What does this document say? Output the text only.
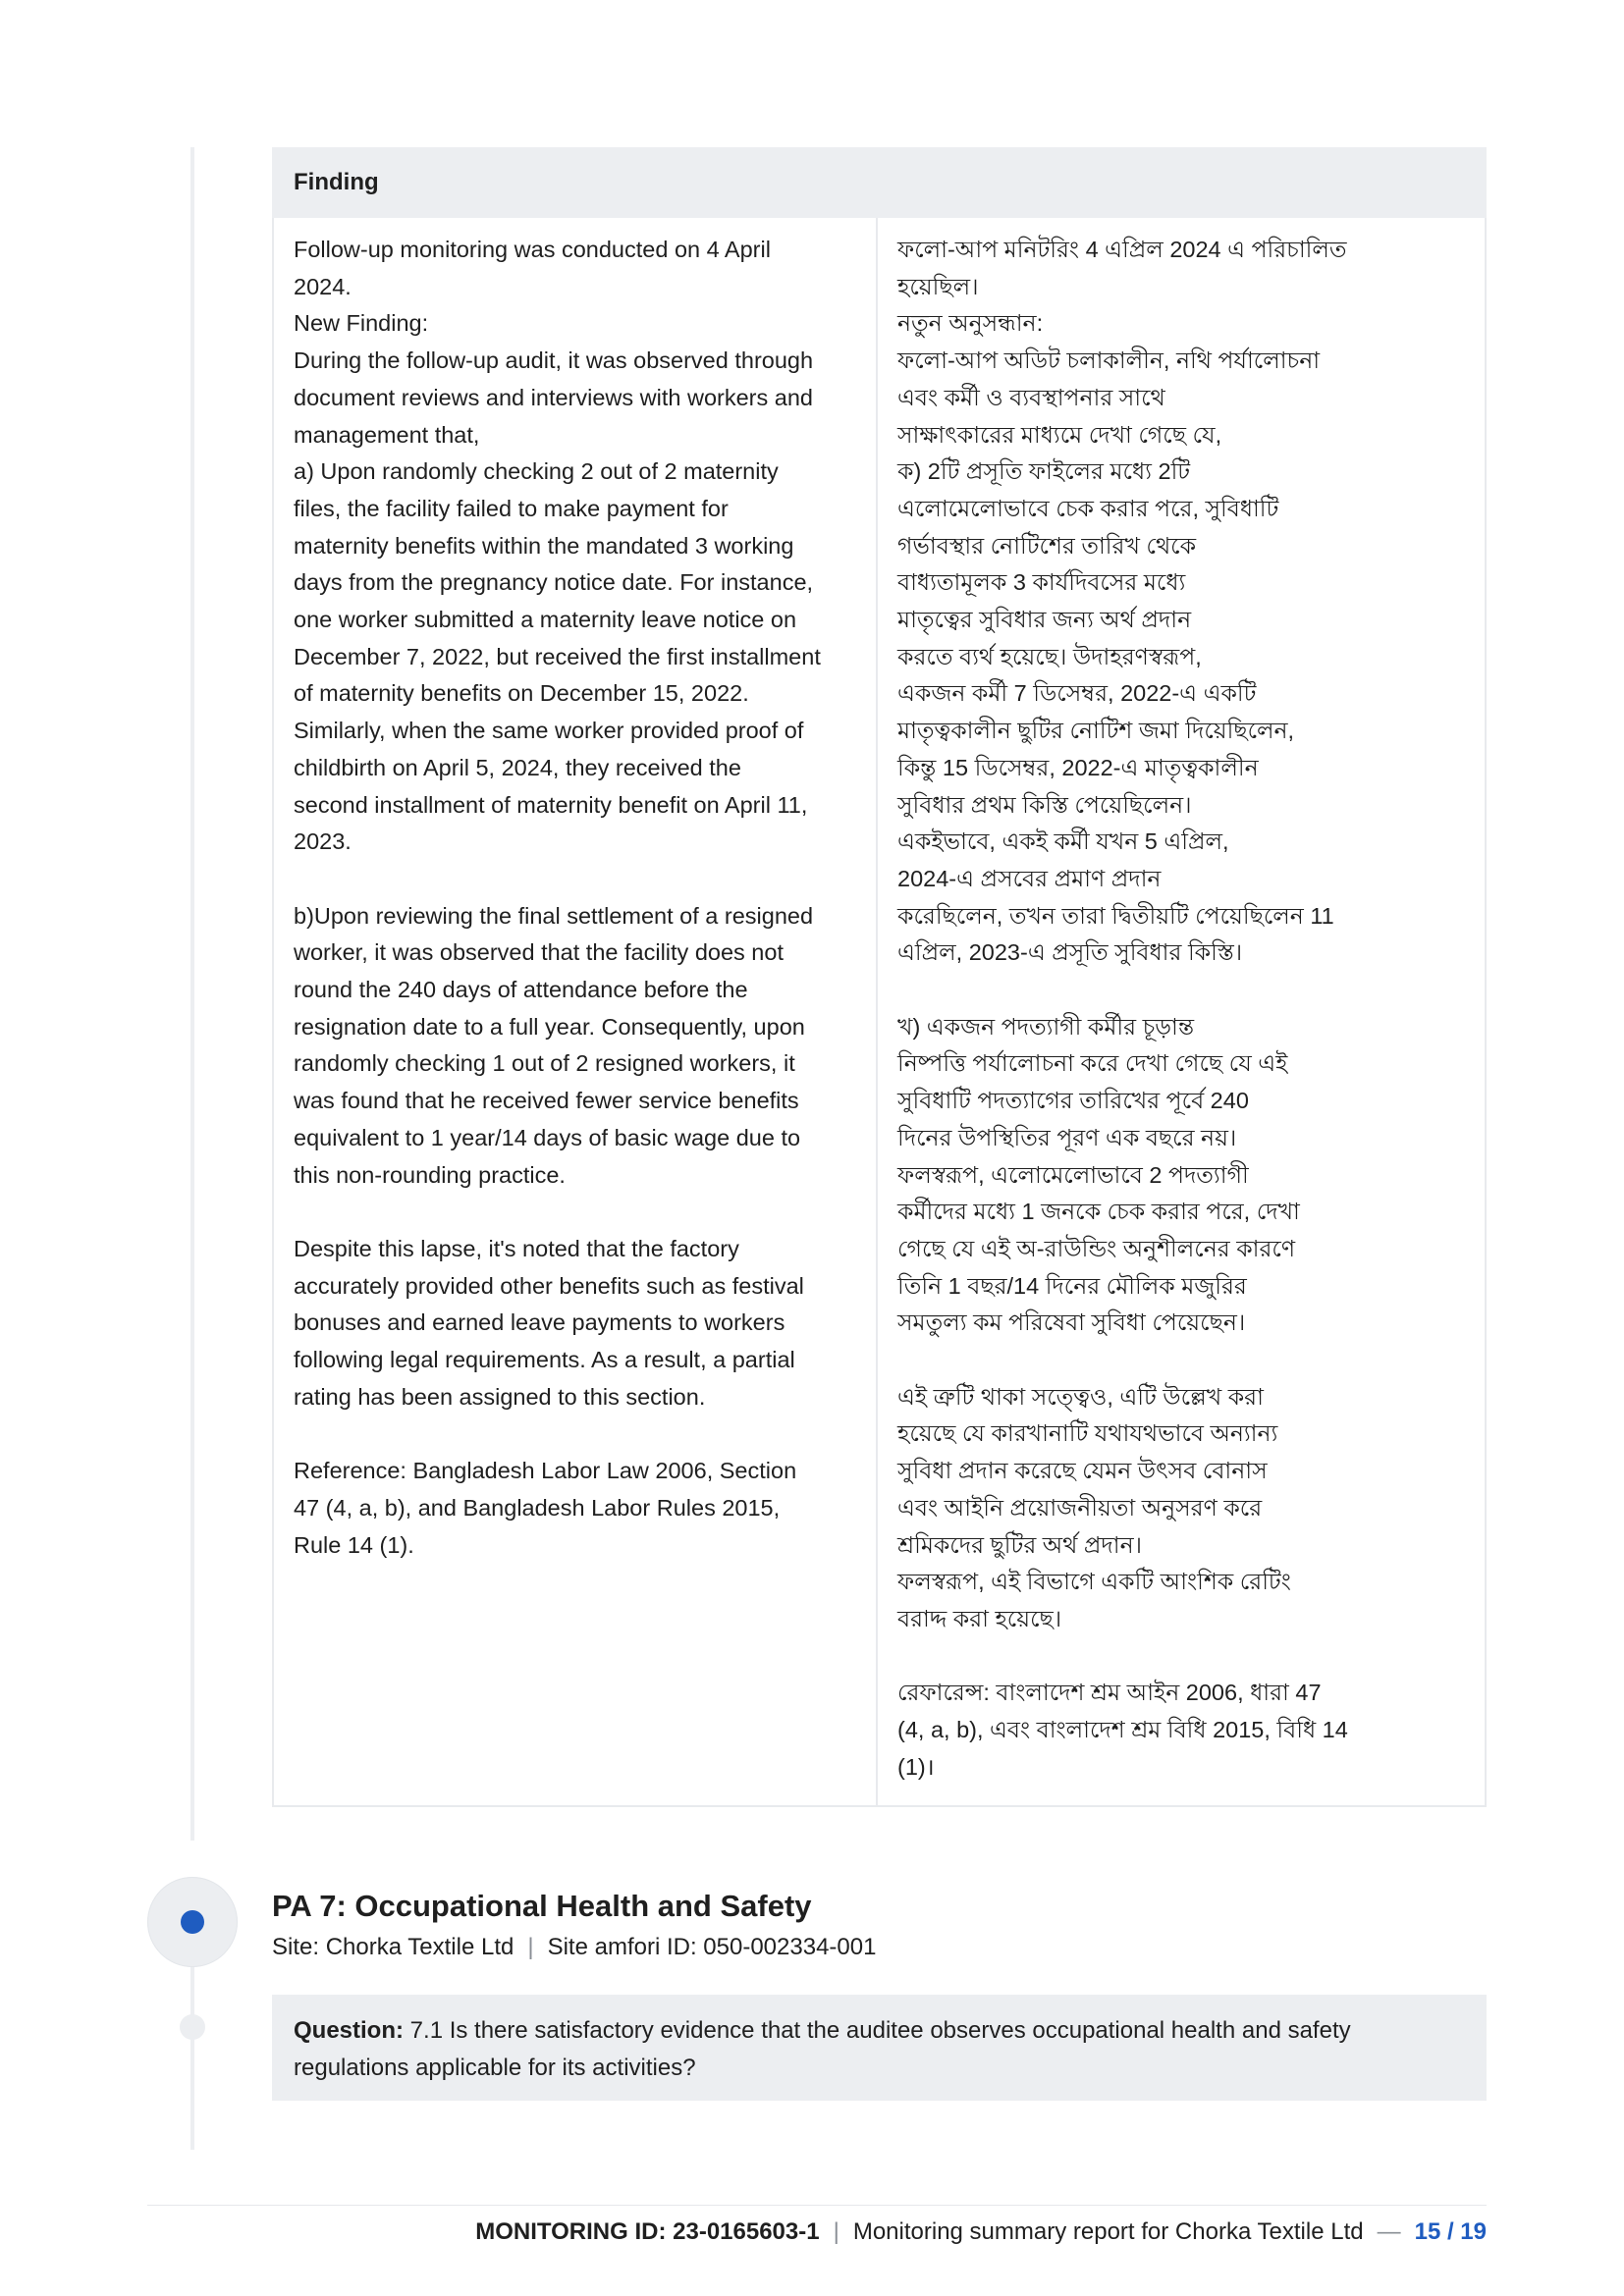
Finding
Follow-up monitoring was conducted on 4 April
2024.
New Finding:
During the follow-up audit, it was observed through
document reviews and interviews with workers and
management that,
a) Upon randomly checking 2 out of 2 maternity
files, the facility failed to make payment for
maternity benefits within the mandated 3 working
days from the pregnancy notice date. For instance,
one worker submitted a maternity leave notice on
December 7, 2022, but received the first installment
of maternity benefits on December 15, 2022.
Similarly, when the same worker provided proof of
childbirth on April 5, 2024, they received the
second installment of maternity benefit on April 11,
2023.
b)Upon reviewing the final settlement of a resigned
worker, it was observed that the facility does not
round the 240 days of attendance before the
resignation date to a full year. Consequently, upon
randomly checking 1 out of 2 resigned workers, it
was found that he received fewer service benefits
equivalent to 1 year/14 days of basic wage due to
this non-rounding practice.
Despite this lapse, it's noted that the factory
accurately provided other benefits such as festival
bonuses and earned leave payments to workers
following legal requirements. As a result, a partial
rating has been assigned to this section.
Reference: Bangladesh Labor Law 2006, Section
47 (4, a, b), and Bangladesh Labor Rules 2015,
Rule 14 (1).
ফলো-আপ মনিটরিং 4 এপ্রিল 2024 এ পরিচালিত
হয়েছিল।
নতুন অনুসন্ধান:
ফলো-আপ অডিট চলাকালীন, নথি পর্যালোচনা
এবং কর্মী ও ব্যবস্থাপনার সাথে
সাক্ষাৎকারের মাধ্যমে দেখা গেছে যে,
ক) 2টি প্রসূতি ফাইলের মধ্যে 2টি
এলোমেলোভাবে চেক করার পরে, সুবিধাটি
গর্ভাবস্থার নোটিশের তারিখ থেকে
বাধ্যতামূলক 3 কার্যদিবসের মধ্যে
মাতৃত্বের সুবিধার জন্য অর্থ প্রদান
করতে ব্যর্থ হয়েছে। উদাহরণস্বরূপ,
একজন কর্মী 7 ডিসেম্বর, 2022-এ একটি
মাতৃত্বকালীন ছুটির নোটিশ জমা দিয়েছিলেন,
কিন্তু 15 ডিসেম্বর, 2022-এ মাতৃত্বকালীন
সুবিধার প্রথম কিস্তি পেয়েছিলেন।
একইভাবে, একই কর্মী যখন 5 এপ্রিল,
2024-এ প্রসবের প্রমাণ প্রদান
করেছিলেন, তখন তারা দ্বিতীয়টি পেয়েছিলেন 11
এপ্রিল, 2023-এ প্রসূতি সুবিধার কিস্তি।
খ) একজন পদত্যাগী কর্মীর চূড়ান্ত
নিষ্পত্তি পর্যালোচনা করে দেখা গেছে যে এই
সুবিধাটি পদত্যাগের তারিখের পূর্বে 240
দিনের উপস্থিতির পূরণ এক বছরে নয়।
ফলস্বরূপ, এলোমেলোভাবে 2 পদত্যাগী
কর্মীদের মধ্যে 1 জনকে চেক করার পরে, দেখা
গেছে যে এই অ-রাউন্ডিং অনুশীলনের কারণে
তিনি 1 বছর/14 দিনের মৌলিক মজুরির
সমতুল্য কম পরিষেবা সুবিধা পেয়েছেন।
এই ত্রুটি থাকা সত্ত্বেও, এটি উল্লেখ করা
হয়েছে যে কারখানাটি যথাযথভাবে অন্যান্য
সুবিধা প্রদান করেছে যেমন উৎসব বোনাস
এবং আইনি প্রয়োজনীয়তা অনুসরণ করে
শ্রমিকদের ছুটির অর্থ প্রদান।
ফলস্বরূপ, এই বিভাগে একটি আংশিক রেটিং
বরাদ্দ করা হয়েছে।
রেফারেন্স: বাংলাদেশ শ্রম আইন 2006, ধারা 47
(4, a, b), এবং বাংলাদেশ শ্রম বিধি 2015, বিধি 14
(1)।
PA 7: Occupational Health and Safety
Site: Chorka Textile Ltd | Site amfori ID: 050-002334-001
Question: 7.1 Is there satisfactory evidence that the auditee observes occupational health and safety regulations applicable for its activities?
MONITORING ID: 23-0165603-1 | Monitoring summary report for Chorka Textile Ltd — 15 / 19
